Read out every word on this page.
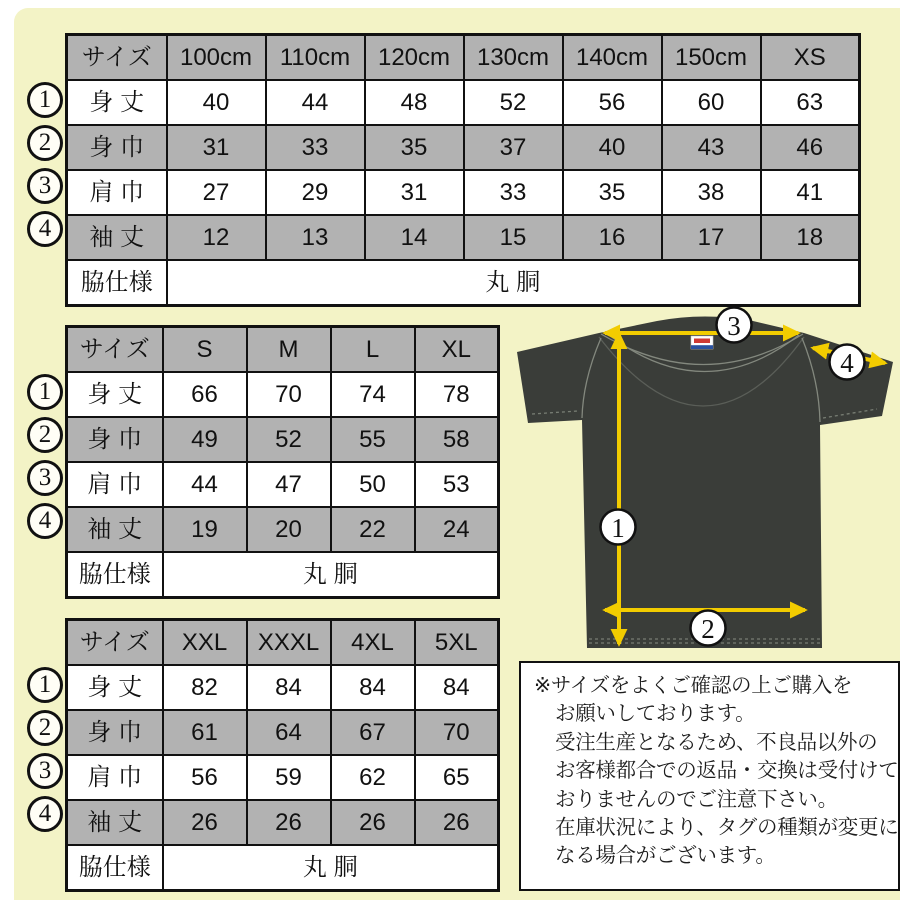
サイズ	100cm	110cm	120cm	130cm	140cm	150cm	XS
身 丈	40	44	48	52	56	60	63
身 巾	31	33	35	37	40	43	46
肩 巾	27	29	31	33	35	38	41
袖 丈	12	13	14	15	16	17	18
脇仕様	丸 胴						
サイズ	S	M	L	XL
身 丈	66	70	74	78
身 巾	49	52	55	58
肩 巾	44	47	50	53
袖 丈	19	20	22	24
脇仕様	丸 胴			
サイズ	XXL	XXXL	4XL	5XL
身 丈	82	84	84	84
身 巾	61	64	67	70
肩 巾	56	59	62	65
袖 丈	26	26	26	26
脇仕様	丸 胴			
1
2
3
4
1
2
3
4
1
2
3
4
1
2
3
4

※サイズをよくご確認の上ご購入を

お願いしております。

受注生産となるため、不良品以外の

お客様都合での返品・交換は受付けて

おりませんのでご注意下さい。

在庫状況により、タグの種類が変更に

なる場合がございます。
